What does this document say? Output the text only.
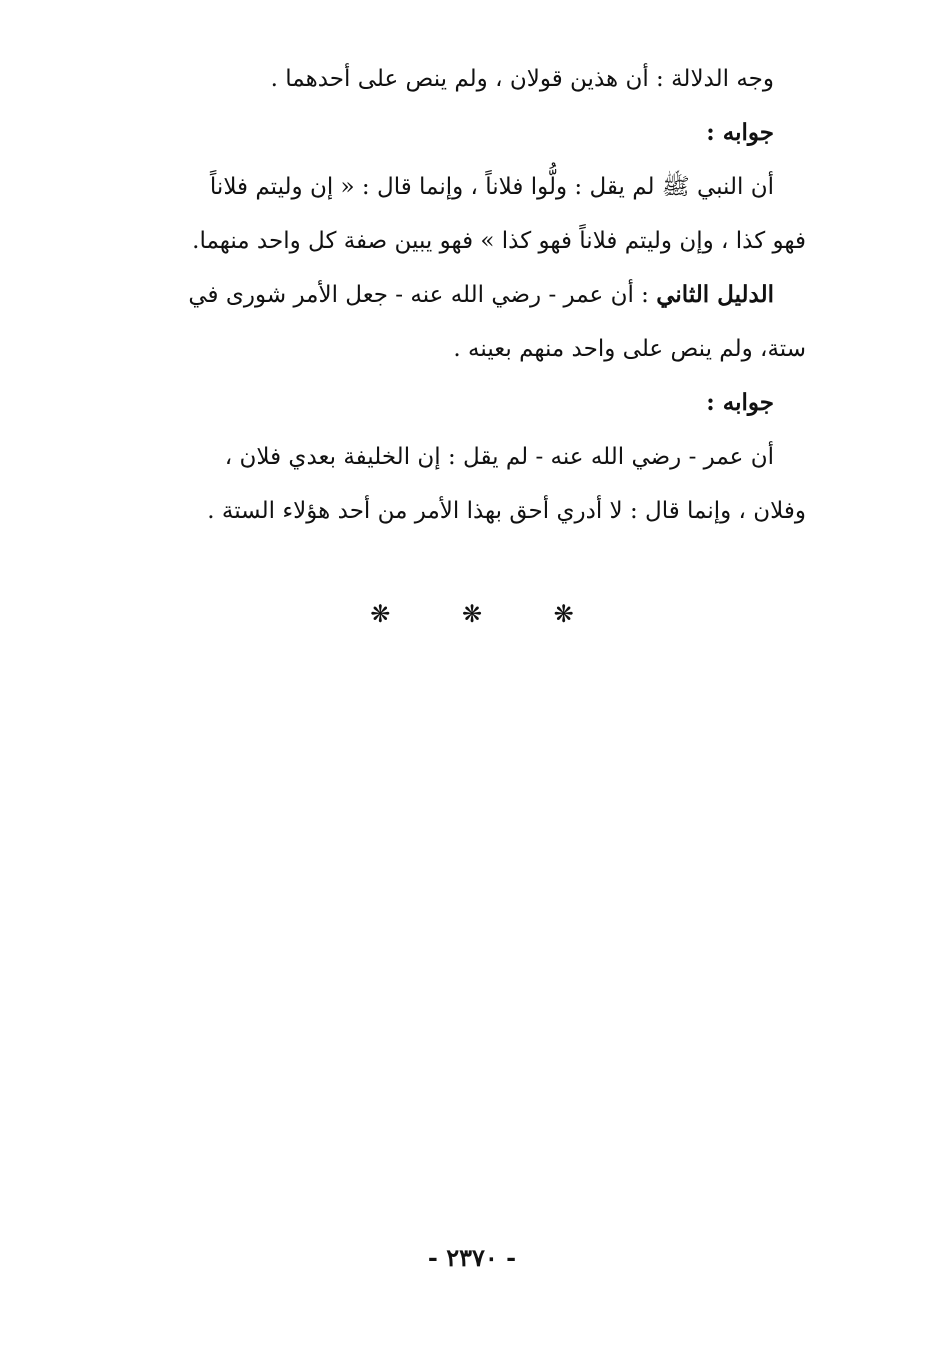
وجه الدلالة : أن هذين قولان ، ولم ينص على أحدهما .
جوابه :
أن النبي ﷺ لم يقل : ولُّوا فلاناً ، وإنما قال : « إن وليتم فلاناً
فهو كذا ، وإن وليتم فلاناً فهو كذا » فهو يبين صفة كل واحد منهما.
الدليل الثاني : أن عمر - رضي الله عنه - جعل الأمر شورى في
ستة، ولم ينص على واحد منهم بعينه .
جوابه :
أن عمر - رضي الله عنه - لم يقل : إن الخليفة بعدي فلان ،
وفلان ، وإنما قال : لا أدري أحق بهذا الأمر من أحد هؤلاء الستة .
❋	❋	❋
- ٢٣٧٠ -
